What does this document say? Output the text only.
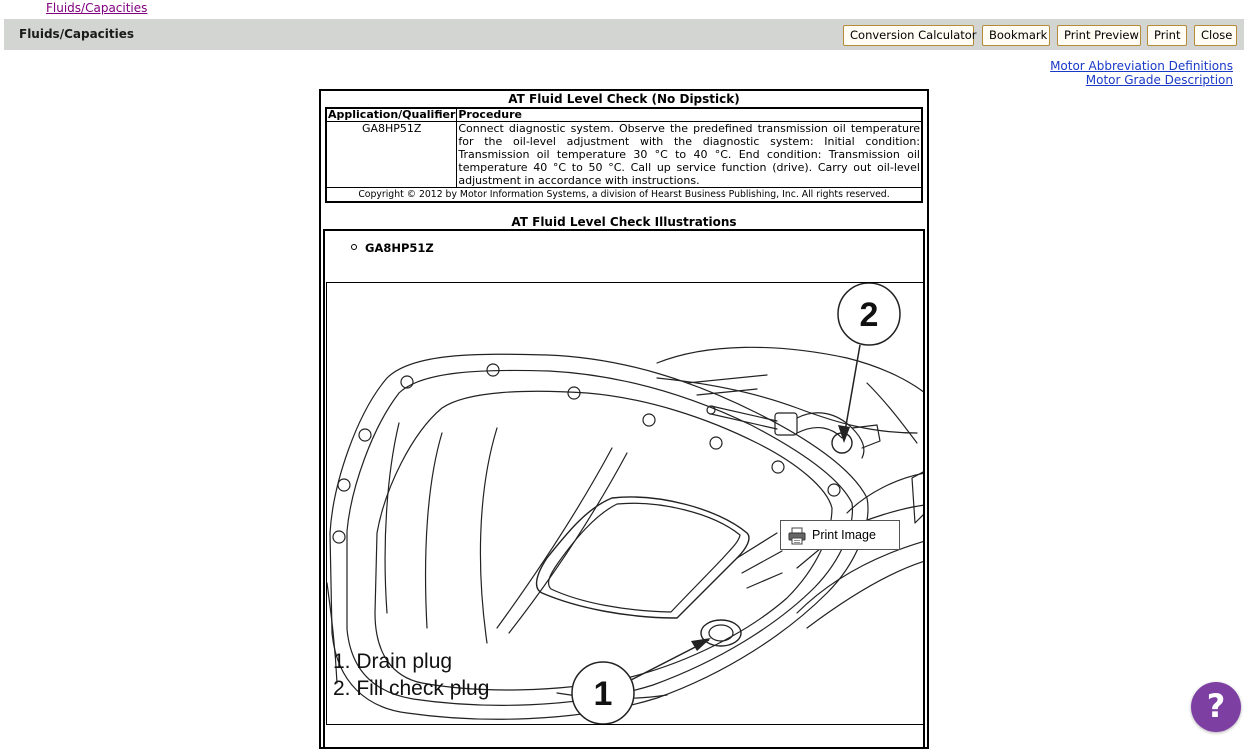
Fluids/Capacities
Fluids/Capacities	Conversion Calculator	Bookmark	Print Preview	Print	Close
Motor Abbreviation Definitions
Motor Grade Description
AT Fluid Level Check (No Dipstick)
Application/Qualifier	Procedure
GA8HP51Z	Connect diagnostic system. Observe the predefined transmission oil temperature for the oil-level adjustment with the diagnostic system: Initial condition: Transmission oil temperature 30 °C to 40 °C. End condition: Transmission oil temperature 40 °C to 50 °C. Call up service function (drive). Carry out oil-level adjustment in accordance with instructions.
Copyright © 2012 by Motor Information Systems, a division of Hearst Business Publishing, Inc. All rights reserved.	
AT Fluid Level Check Illustrations
GA8HP51Z
2
1
1. Drain plug
2. Fill check plug
Print Image
?
